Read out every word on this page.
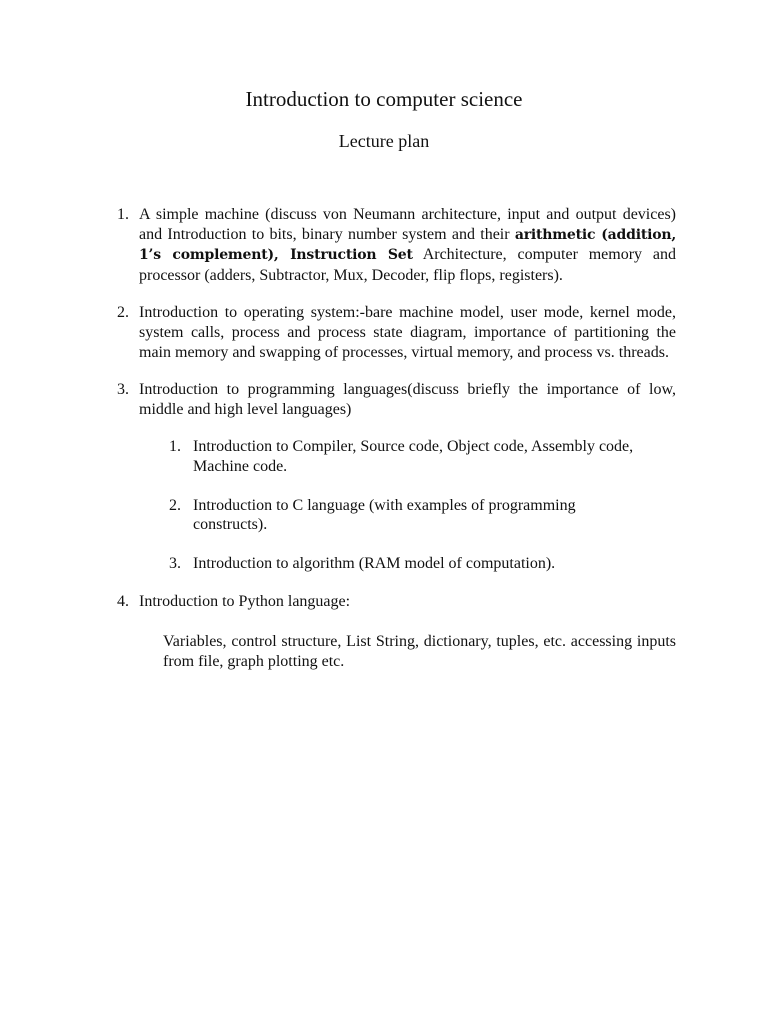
Introduction to computer science
Lecture plan
1. A simple machine (discuss von Neumann architecture, input and output devices) and Introduction to bits, binary number system and their arithmetic (addition, 1’s complement), Instruction Set Architecture, computer memory and processor (adders, Subtractor, Mux, Decoder, flip flops, registers).
2. Introduction to operating system:-bare machine model, user mode, kernel mode, system calls, process and process state diagram, importance of partitioning the main memory and swapping of processes, virtual memory, and process vs. threads.
3. Introduction to programming languages(discuss briefly the importance of low, middle and high level languages)
1. Introduction to Compiler, Source code, Object code, Assembly code, Machine code.
2. Introduction to C language (with examples of programming constructs).
3. Introduction to algorithm (RAM model of computation).
4. Introduction to Python language:
Variables, control structure, List String, dictionary, tuples, etc. accessing inputs from file, graph plotting etc.
